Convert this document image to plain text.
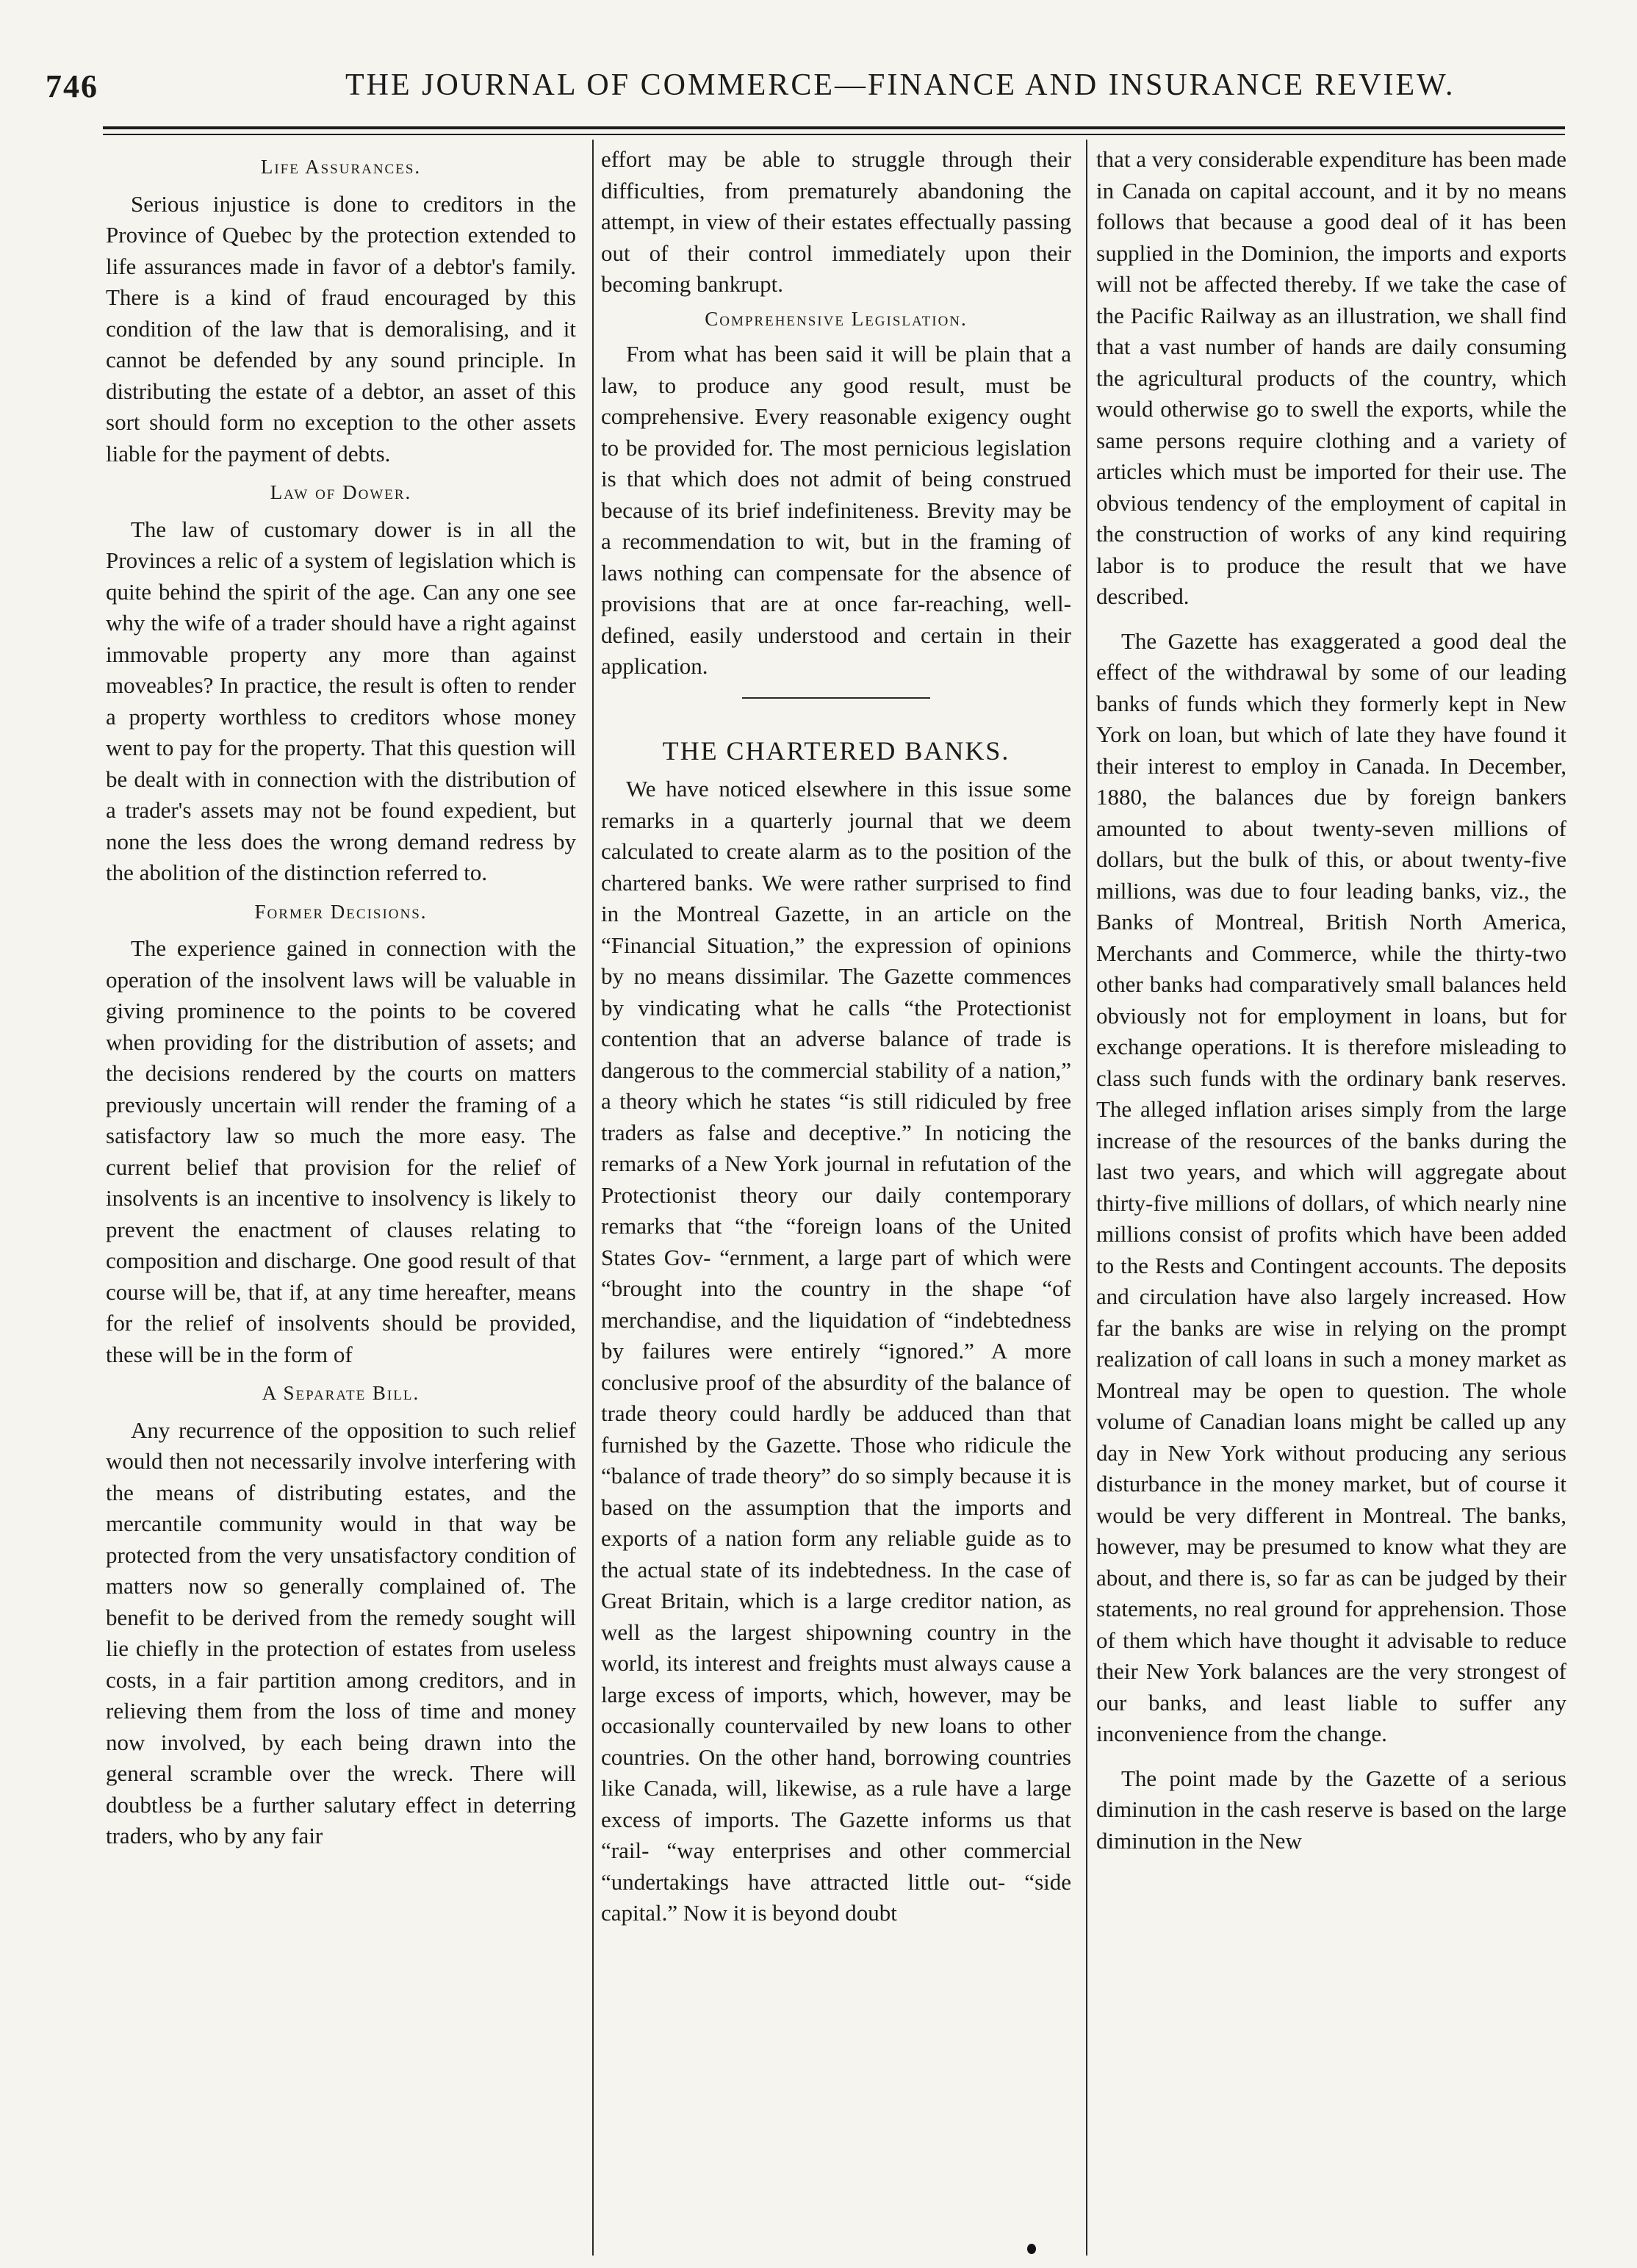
746	THE JOURNAL OF COMMERCE—FINANCE AND INSURANCE REVIEW.
Life Assurances.

Serious injustice is done to creditors in the Province of Quebec by the protection extended to life assurances made in favor of a debtor's family. There is a kind of fraud encouraged by this condition of the law that is demoralising, and it cannot be defended by any sound principle. In distributing the estate of a debtor, an asset of this sort should form no exception to the other assets liable for the payment of debts.

Law of Dower.

The law of customary dower is in all the Provinces a relic of a system of legislation which is quite behind the spirit of the age. Can any one see why the wife of a trader should have a right against immovable property any more than against moveables? In practice, the result is often to render a property worthless to creditors whose money went to pay for the property. That this question will be dealt with in connection with the distribution of a trader's assets may not be found expedient, but none the less does the wrong demand redress by the abolition of the distinction referred to.

Former Decisions.

The experience gained in connection with the operation of the insolvent laws will be valuable in giving prominence to the points to be covered when providing for the distribution of assets; and the decisions rendered by the courts on matters previously uncertain will render the framing of a satisfactory law so much the more easy. The current belief that provision for the relief of insolvents is an incentive to insolvency is likely to prevent the enactment of clauses relating to composition and discharge. One good result of that course will be, that if, at any time hereafter, means for the relief of insolvents should be provided, these will be in the form of

A Separate Bill.

Any recurrence of the opposition to such relief would then not necessarily involve interfering with the means of distributing estates, and the mercantile community would in that way be protected from the very unsatisfactory condition of matters now so generally complained of. The benefit to be derived from the remedy sought will lie chiefly in the protection of estates from useless costs, in a fair partition among creditors, and in relieving them from the loss of time and money now involved, by each being drawn into the general scramble over the wreck. There will doubtless be a further salutary effect in deterring traders, who by any fair

effort may be able to struggle through their difficulties, from prematurely abandoning the attempt, in view of their estates effectually passing out of their control immediately upon their becoming bankrupt.

Comprehensive Legislation.

From what has been said it will be plain that a law, to produce any good result, must be comprehensive. Every reasonable exigency ought to be provided for. The most pernicious legislation is that which does not admit of being construed because of its brief indefiniteness. Brevity may be a recommendation to wit, but in the framing of laws nothing can compensate for the absence of provisions that are at once far-reaching, well-defined, easily understood and certain in their application.

THE CHARTERED BANKS.

We have noticed elsewhere in this issue some remarks in a quarterly journal that we deem calculated to create alarm as to the position of the chartered banks. We were rather surprised to find in the Montreal Gazette, in an article on the “Financial Situation,” the expression of opinions by no means dissimilar. The Gazette commences by vindicating what he calls “the Protectionist contention that an adverse balance of trade is dangerous to the commercial stability of a nation,” a theory which he states “is still ridiculed by free traders as false and deceptive.” In noticing the remarks of a New York journal in refutation of the Protectionist theory our daily contemporary remarks that “the “foreign loans of the United States Gov- “ernment, a large part of which were “brought into the country in the shape “of merchandise, and the liquidation of “indebtedness by failures were entirely “ignored.” A more conclusive proof of the absurdity of the balance of trade theory could hardly be adduced than that furnished by the Gazette. Those who ridicule the “balance of trade theory” do so simply because it is based on the assumption that the imports and exports of a nation form any reliable guide as to the actual state of its indebtedness. In the case of Great Britain, which is a large creditor nation, as well as the largest shipowning country in the world, its interest and freights must always cause a large excess of imports, which, however, may be occasionally countervailed by new loans to other countries. On the other hand, borrowing countries like Canada, will, likewise, as a rule have a large excess of imports. The Gazette informs us that “rail- “way enterprises and other commercial “undertakings have attracted little out- “side capital.” Now it is beyond doubt

that a very considerable expenditure has been made in Canada on capital account, and it by no means follows that because a good deal of it has been supplied in the Dominion, the imports and exports will not be affected thereby. If we take the case of the Pacific Railway as an illustration, we shall find that a vast number of hands are daily consuming the agricultural products of the country, which would otherwise go to swell the exports, while the same persons require clothing and a variety of articles which must be imported for their use. The obvious tendency of the employment of capital in the construction of works of any kind requiring labor is to produce the result that we have described.

The Gazette has exaggerated a good deal the effect of the withdrawal by some of our leading banks of funds which they formerly kept in New York on loan, but which of late they have found it their interest to employ in Canada. In December, 1880, the balances due by foreign bankers amounted to about twenty-seven millions of dollars, but the bulk of this, or about twenty-five millions, was due to four leading banks, viz., the Banks of Montreal, British North America, Merchants and Commerce, while the thirty-two other banks had comparatively small balances held obviously not for employment in loans, but for exchange operations. It is therefore misleading to class such funds with the ordinary bank reserves. The alleged inflation arises simply from the large increase of the resources of the banks during the last two years, and which will aggregate about thirty-five millions of dollars, of which nearly nine millions consist of profits which have been added to the Rests and Contingent accounts. The deposits and circulation have also largely increased. How far the banks are wise in relying on the prompt realization of call loans in such a money market as Montreal may be open to question. The whole volume of Canadian loans might be called up any day in New York without producing any serious disturbance in the money market, but of course it would be very different in Montreal. The banks, however, may be presumed to know what they are about, and there is, so far as can be judged by their statements, no real ground for apprehension. Those of them which have thought it advisable to reduce their New York balances are the very strongest of our banks, and least liable to suffer any inconvenience from the change.

The point made by the Gazette of a serious diminution in the cash reserve is based on the large diminution in the New
